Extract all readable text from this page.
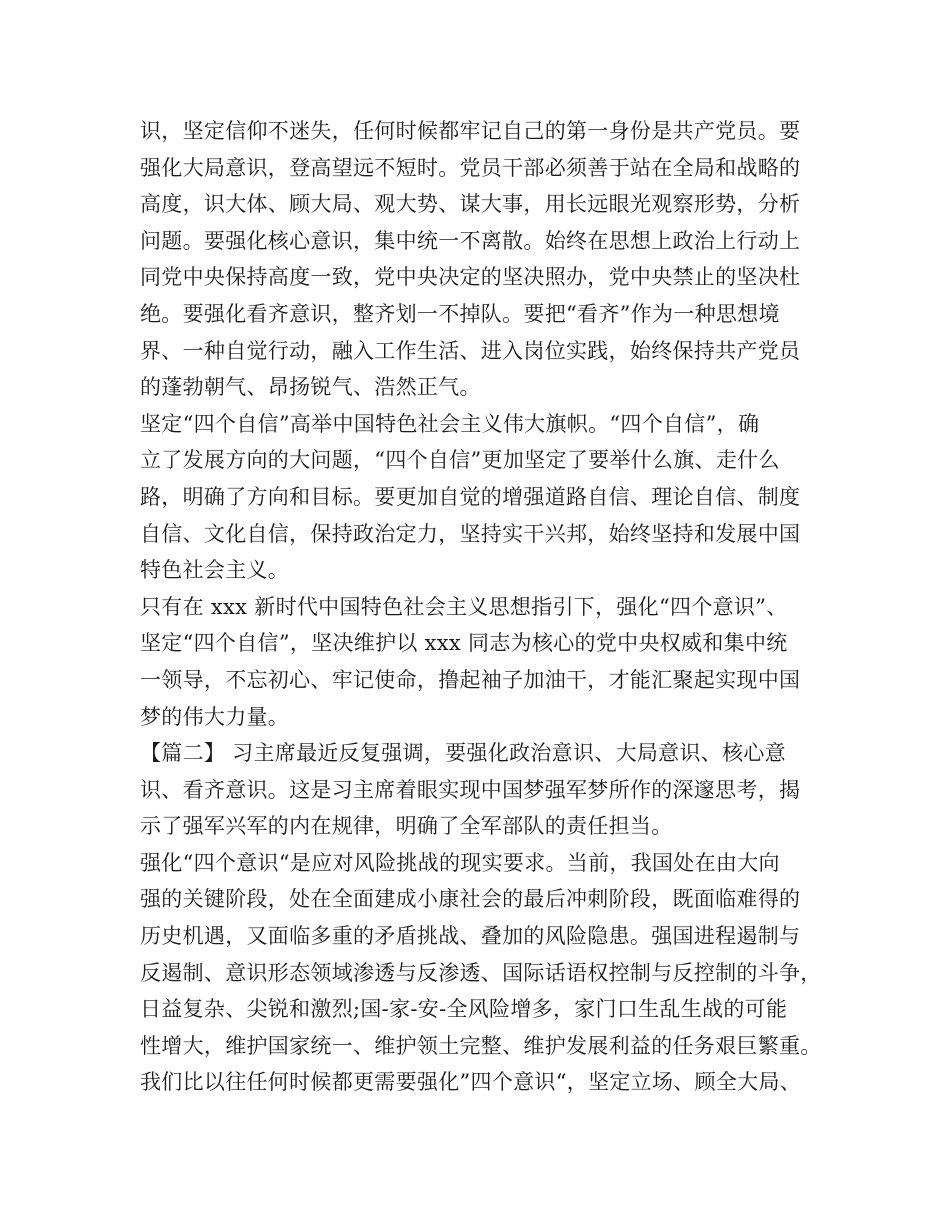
识，坚定信仰不迷失，任何时候都牢记自己的第一身份是共产党员。要
强化大局意识，登高望远不短时。党员干部必须善于站在全局和战略的
高度，识大体、顾大局、观大势、谋大事，用长远眼光观察形势，分析
问题。要强化核心意识，集中统一不离散。始终在思想上政治上行动上
同党中央保持高度一致，党中央决定的坚决照办，党中央禁止的坚决杜
绝。要强化看齐意识，整齐划一不掉队。要把“看齐”作为一种思想境
界、一种自觉行动，融入工作生活、进入岗位实践，始终保持共产党员
的蓬勃朝气、昂扬锐气、浩然正气。
坚定“四个自信”高举中国特色社会主义伟大旗帜。“四个自信”，确
立了发展方向的大问题，“四个自信”更加坚定了要举什么旗、走什么
路，明确了方向和目标。要更加自觉的增强道路自信、理论自信、制度
自信、文化自信，保持政治定力，坚持实干兴邦，始终坚持和发展中国
特色社会主义。
只有在 xxx 新时代中国特色社会主义思想指引下，强化“四个意识”、
坚定“四个自信”，坚决维护以 xxx 同志为核心的党中央权威和集中统
一领导，不忘初心、牢记使命，撸起袖子加油干，才能汇聚起实现中国
梦的伟大力量。
【篇二】 习主席最近反复强调，要强化政治意识、大局意识、核心意
识、看齐意识。这是习主席着眼实现中国梦强军梦所作的深邃思考，揭
示了强军兴军的内在规律，明确了全军部队的责任担当。
强化“四个意识“是应对风险挑战的现实要求。当前，我国处在由大向
强的关键阶段，处在全面建成小康社会的最后冲刺阶段，既面临难得的
历史机遇，又面临多重的矛盾挑战、叠加的风险隐患。强国进程遏制与
反遏制、意识形态领域渗透与反渗透、国际话语权控制与反控制的斗争，
日益复杂、尖锐和激烈;国-家-安-全风险增多，家门口生乱生战的可能
性增大，维护国家统一、维护领土完整、维护发展利益的任务艰巨繁重。
我们比以往任何时候都更需要强化”四个意识“，坚定立场、顾全大局、
